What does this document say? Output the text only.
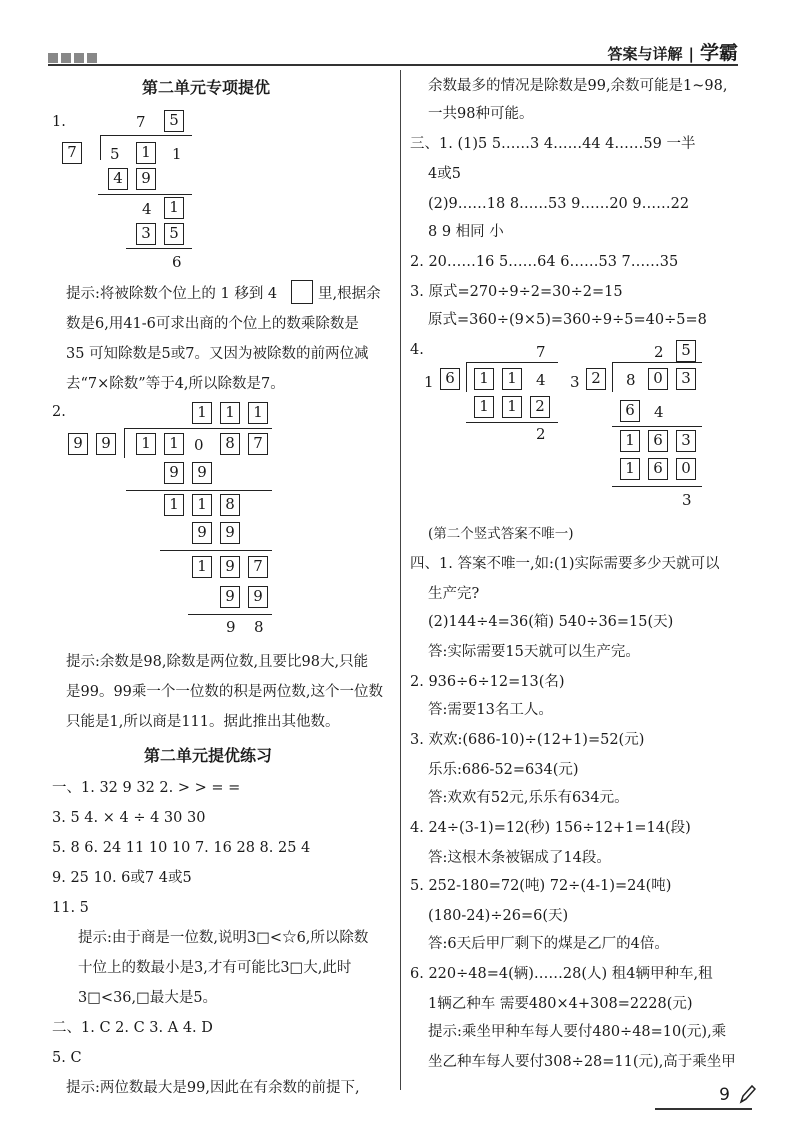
答案与详解 | 学霸
第二单元专项提优
1.	7	5
7	5	1	1
4	9
4	1
3	5
6
提示:将被除数个位上的 1 移到 4	里,根据余
数是6,用41-6可求出商的个位上的数乘除数是
35 可知除数是5或7。又因为被除数的前两位减
去“7×除数”等于4,所以除数是7。
2.	1	1	1
9	9	1	1	0	8	7
9	9
1	1	8
9	9
1	9	7
9	9
9 8
提示:余数是98,除数是两位数,且要比98大,只能
是99。99乘一个一位数的积是两位数,这个一位数
只能是1,所以商是111。据此推出其他数。
第二单元提优练习
一、1. 32 9 32 2. > > = =
3. 5 4. × 4 ÷ 4 30 30
5. 8 6. 24 11 10 10 7. 16 28 8. 25 4
9. 25 10. 6或7 4或5
11. 5
提示:由于商是一位数,说明3□<☆6,所以除数
十位上的数最小是3,才有可能比3□大,此时
3□<36,□最大是5。
二、1. C 2. C 3. A 4. D
5. C
提示:两位数最大是99,因此在有余数的前提下,
余数最多的情况是除数是99,余数可能是1~98,
一共98种可能。
三、1. (1)5 5……3 4……44 4……59 一半
4或5
(2)9……18 8……53 9……20 9……22
8 9 相同 小
2. 20……16 5……64 6……53 7……35
3. 原式=270÷9÷2=30÷2=15
原式=360÷(9×5)=360÷9÷5=40÷5=8
4.	7
1 6	1	1	4
1	1	2
2
2	5
3 2	8	0	3
6	4
1	6	3
1	6	0
3
(第二个竖式答案不唯一)
四、1. 答案不唯一,如:(1)实际需要多少天就可以
生产完?
(2)144÷4=36(箱) 540÷36=15(天)
答:实际需要15天就可以生产完。
2. 936÷6÷12=13(名)
答:需要13名工人。
3. 欢欢:(686-10)÷(12+1)=52(元)
乐乐:686-52=634(元)
答:欢欢有52元,乐乐有634元。
4. 24÷(3-1)=12(秒) 156÷12+1=14(段)
答:这根木条被锯成了14段。
5. 252-180=72(吨) 72÷(4-1)=24(吨)
(180-24)÷26=6(天)
答:6天后甲厂剩下的煤是乙厂的4倍。
6. 220÷48=4(辆)……28(人) 租4辆甲种车,租
1辆乙种车 需要480×4+308=2228(元)
提示:乘坐甲种车每人要付480÷48=10(元),乘
坐乙种车每人要付308÷28=11(元),高于乘坐甲
9
